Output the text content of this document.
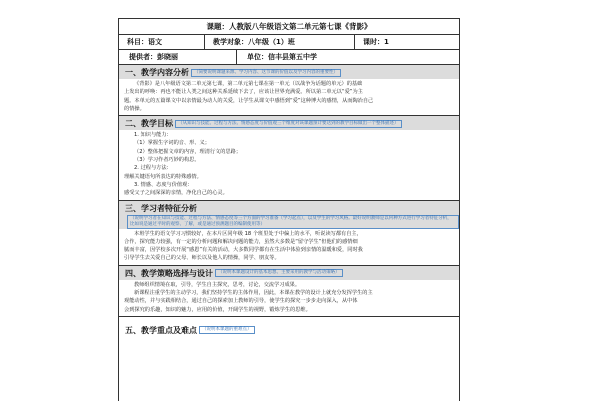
课题：人教版八年级语文第二单元第七课《背影》
科目：语文	教学对象：八年级（1）班	课时：1
提供者：彭晓丽	单位：信丰县第五中学
一、教学内容分析 （简要说明课题来源、学习内容、这节课的价值以及学习内容的重要性）

《背影》是八年级语文第二单元第七课，第二单元第七课在第一单元（以战争为话题的单元）的基础

上发出的呼唤：再也不能让人类之间这种关系延续下去了，应该让世界充满爱。所以第二单元以“爱”为主

题。本单元的五篇课文中以亲情最为动人的关爱，让学生从课文中感悟到“爱”这种博大的感情，从而陶冶自己

的情操。

二、教学目标 （从知识与技能、过程与方法、情感态度与价值观三个维度对该课题预计要达到的教学目标做出一个整体描述）

1. 知识与能力：

（1）掌握生字词的音、形、义；

（2）整体把握文章的内容，理清行文的思路；

（3）学习作者巧妙的构思。

2. 过程与方法：

理解关键语句所表达的特殊感情。

3. 情感、态度与价值观：

感受父子之间深深的亲情，净化自己的心灵。

三、学习者特征分析（说明学习者在知识与技能、过程与方法、情感态度等三个方面的学习准备（学习起点），以及学生的学习风格。最好说明教师是以何种方式进行学习者特征分析，比如说是通过平时的观察、了解，或是通过预测题目的编制使用等）

本班学生的语文学习习惯较好，在本片区同年级 18 个班里处于中偏上的水平，听说读写都有自主，

合作，探究能力较强，有一定的分析问题和解决问题的能力，虽然大多数是“留守学生”但他们的感情细

腻而丰富，因学校多次开展“感恩”有关的活动，大多数同学都有在生活中体验到亲情的温暖和爱，同时我

引导学生去关爱自己的父母、师长以及他人的情操，同学、朋友等。

四、教学策略选择与设计 （说明本课题设计的基本思想、主要采用的教学与活动策略）

教师组织情境在取，引导，学生自主探究，思考，讨论，交流学习成果。

新课程注重学生的主动学习，我们坚持学生的主体作用，因此，本课在教学的设计上就充分发挥学生的主

观能动性，并与实践相结合，通过自己的探索加上教师的引导，使学生的探究一步步走向深入，从中体

会到探究的乐趣，知识的魅力，应用的价值，开阔学生的视野，锻炼学生的思维。

五、教学重点及难点 （说明本课题的重难点）
